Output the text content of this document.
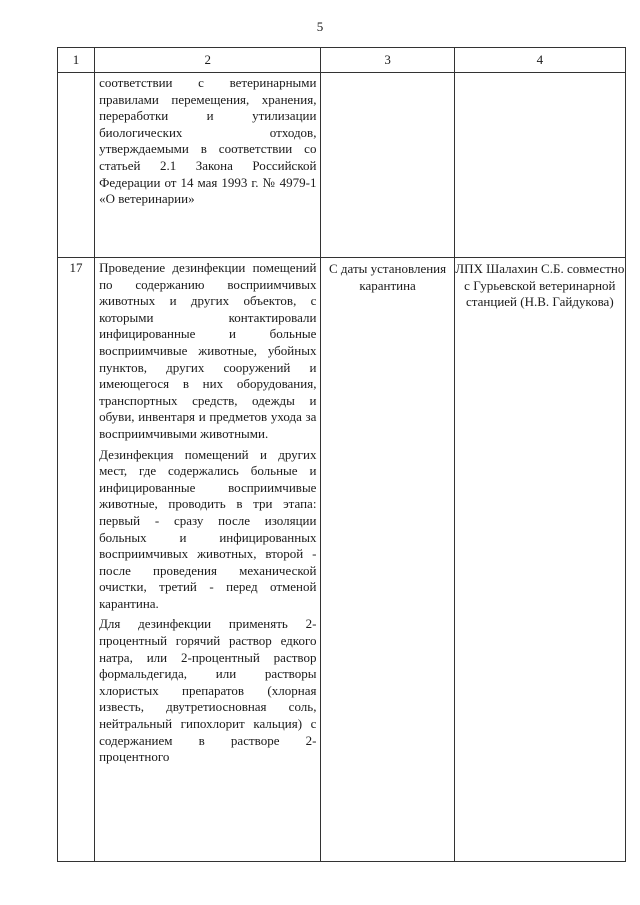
5
1	2	3	4
	соответствии с ветеринарными правилами перемещения, хранения, переработки и утилизации биологических отходов, утверждаемыми в соответствии со статьей 2.1 Закона Российской Федерации от 14 мая 1993 г. № 4979-1 «О ветеринарии»		
17	Проведение дезинфекции помещений по содержанию восприимчивых животных и других объектов, с которыми контактировали инфицированные и больные восприимчивые животные, убойных пунктов, других сооружений и имеющегося в них оборудования, транспортных средств, одежды и обуви, инвентаря и предметов ухода за восприимчивыми животными.

Дезинфекция помещений и других мест, где содержались больные и инфицированные восприимчивые животные, проводить в три этапа: первый - сразу после изоляции больных и инфицированных восприимчивых животных, второй - после проведения механической очистки, третий - перед отменой карантина.

Для дезинфекции применять 2-процентный горячий раствор едкого натра, или 2-процентный раствор формальдегида, или растворы хлористых препаратов (хлорная известь, двутретиосновная соль, нейтральный гипохлорит кальция) с содержанием в растворе 2-процентного	С даты установления карантина	ЛПХ Шалахин С.Б. совместно с Гурьевской ветеринарной станцией (Н.В. Гайдукова)
